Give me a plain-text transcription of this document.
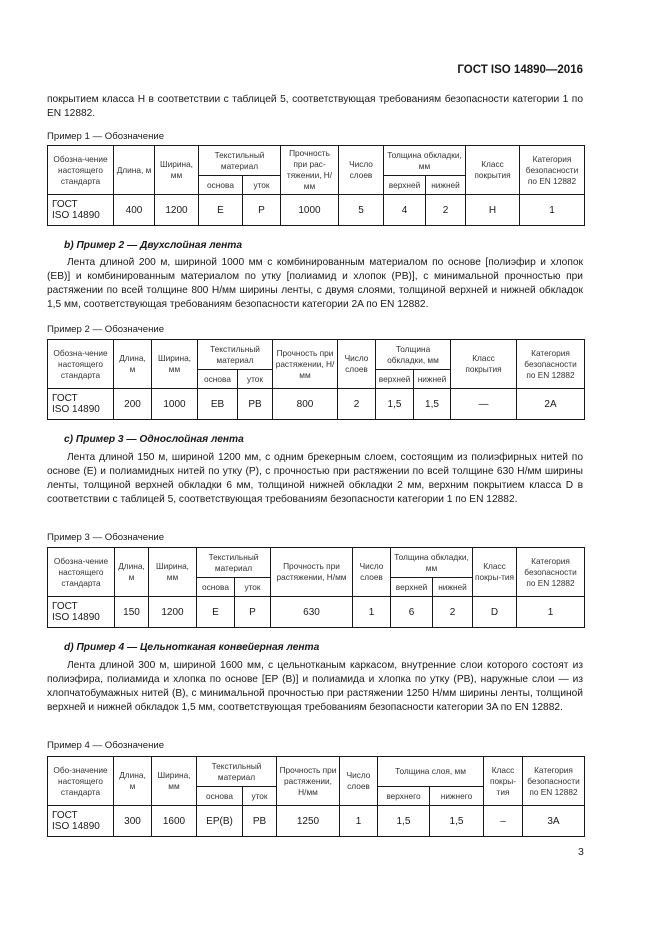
ГОСТ ISO 14890—2016

покрытием класса H в соответствии с таблицей 5, соответствующая требованиям безопасности категории 1 по EN 12882.

Пример 1 — Обозначение

Обозна-чение настоящего стандарта	Длина, м	Ширина, мм	Текстильный материал		Прочность при рас-тяжении, Н/мм	Число слоев	Толщина обкладки, мм		Класс покрытия	Категория безопасности по EN 12882
			основа	уток			верхней	нижней		
ГОСТ
ISO 14890	400	1200	E	P	1000	5	4	2	H	1

b) Пример 2 — Двухслойная лента

Лента длиной 200 м, шириной 1000 мм с комбинированным материалом по основе [полиэфир и хлопок (EB)] и комбинированным материалом по утку [полиамид и хлопок (PB)], с минимальной прочностью при растяжении по всей толщине 800 Н/мм ширины ленты, с двумя слоями, толщиной верхней и нижней обкладок 1,5 мм, соответствующая требованиям безопасности категории 2A по EN 12882.

Пример 2 — Обозначение

Обозна-чение настоящего стандарта	Длина, м	Ширина, мм	Текстильный материал		Прочность при растяжении, Н/мм	Число слоев	Толщина обкладки, мм		Класс покрытия	Категория безопасности по EN 12882
			основа	уток			верхней	нижней		
ГОСТ
ISO 14890	200	1000	EB	PB	800	2	1,5	1,5	—	2A

c) Пример 3 — Однослойная лента

Лента длиной 150 м, шириной 1200 мм, с одним брекерным слоем, состоящим из полиэфирных нитей по основе (E) и полиамидных нитей по утку (P), с прочностью при растяжении по всей толщине 630 Н/мм ширины ленты, толщиной верхней обкладки 6 мм, толщиной нижней обкладки 2 мм, верхним покрытием класса D в соответствии с таблицей 5, соответствующая требованиям безопасности категории 1 по EN 12882.

Пример 3 — Обозначение

Обозна-чение настоящего стандарта	Длина, м	Ширина, мм	Текстильный материал		Прочность при растяжении, Н/мм	Число слоев	Толщина обкладки, мм		Класс покры-тия	Категория безопасности по EN 12882
			основа	уток			верхней	нижней		
ГОСТ
ISO 14890	150	1200	E	P	630	1	6	2	D	1

d) Пример 4 — Цельнотканая конвейерная лента

Лента длиной 300 м, шириной 1600 мм, с цельнотканым каркасом, внутренние слои которого состоят из полиэфира, полиамида и хлопка по основе [EP (B)] и полиамида и хлопка по утку (PB), наружные слои — из хлопчатобумажных нитей (B), с минимальной прочностью при растяжении 1250 Н/мм ширины ленты, толщиной верхней и нижней обкладок 1,5 мм, соответствующая требованиям безопасности категории 3A по EN 12882.

Пример 4 — Обозначение

Обо-значение настоящего стандарта	Длина, м	Ширина, мм	Текстильный материал		Прочность при растяжении, Н/мм	Число слоев	Толщина слоя, мм		Класс покры-тия	Категория безопасности по EN 12882
			основа	уток			верхнего	нижнего		
ГОСТ
ISO 14890	300	1600	EP(B)	PB	1250	1	1,5	1,5	–	3A
3
